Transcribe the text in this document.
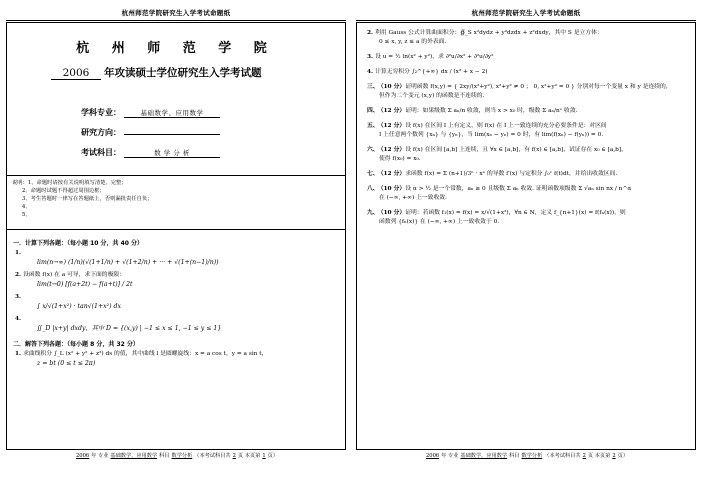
杭州师范学院研究生入学考试命题纸
杭 州 师 范 学 院
2006 年攻读硕士学位研究生入学考试题
学科专业：	基础数学、应用数学
研究方向：
考试科目：	数 学 分 析
说明：1、命题时请按有关说明填写清楚、完整；
2、命题时试题不得超过周围边框；
3、考生答题时一律写在答题纸上，否则漏批责任自负；
4、
5、
一．计算下列各题：（每小题 10 分，共 40 分）
1.
lim(n→∞) (1/n)(√(1+1/n) + √(1+2/n) + ··· + √(1+(n−1)/n))
2. 设函数 f(x) 在 a 可导，求下面的极限：
lim(t→0) [f(a+2t) − f(a+t)] / 2t
3.
∫ x/√(1+x²) · tan√(1+x²) dx
4.
∬_D |x+y| dxdy，其中 D = {(x,y) | −1 ≤ x ≤ 1, −1 ≤ y ≤ 1}
二．解答下列各题：（每小题 8 分，共 32 分）
1. 求曲线积分 ∫_L (x² + y² + z²) ds 的值，其中曲线 l 是圆螺旋线：x = a cos t，y = a sin t，
z = bt (0 ≤ t ≤ 2π)
2006 年 专业 基础数学、应用数学 科目 数学分析 （本考试科目共 2 页 本页第 1 页）
杭州师范学院研究生入学考试命题纸
2. 利用 Gauss 公式计算曲面积分：∯_S x²dydz + y²dzdx + z²dxdy，其中 S 是立方体：
0 ≤ x, y, z ≤ a 的外表面.
3. 设 u = ½ ln(x² + y²)，求 ∂²u/∂x² + ∂²u/∂y²
4. 计算无穷积分 ∫₂^{+∞} dx / (x² + x − 2)
三、 （10 分）证明函数 f(x,y) = { 2xy/(x²+y²), x²+y² ≠ 0 ； 0, x²+y² = 0 } 分别对每一个变量 x 和 y 是连续的，
但作为二个变元 (x,y) 的函数是不连续的.
四、 （12 分）证明：如果级数 Σ aₙ/n 收敛，则当 x > x₀ 时，级数 Σ aₙ/nˣ 收敛.
五、 （12 分）设 f(x) 在区间 I 上有定义，则 f(x) 在 I 上一致连续的充分必要条件是：对区间
I 上任意两个数列 {xₙ} 与 {yₙ}，当 lim(xₙ − yₙ) = 0 时，有 lim(f(xₙ) − f(yₙ)) = 0.
六、 （12 分）设 f(x) 在区间 [a,b] 上连续，且 ∀x ∈ [a,b]，有 f(x) ∈ [a,b]，试证存在 x₀ ∈ [a,b]，
使得 f(x₀) = x₀.
七、 （12 分）求函数 f(x) = Σ (n+1)/3ⁿ · xⁿ 的导数 f′(x) 与定积分 ∫₀ˣ f(t)dt，并给出收敛区间.
八、 （10 分）设 α > ½ 是一个常数，aₙ ≥ 0 且级数 Σ aₙ 收敛. 证明函数项级数 Σ √aₙ sin nx / n^α
在 (−∞, +∞) 上一致收敛.
九、 （10 分）证明：若函数 f₁(x) = f(x) = x/√(1+x²)，∀n ∈ N，定义 f_{n+1}(x) = f(fₙ(x))，则
函数列 {fₙ(x)} 在 (−∞, +∞) 上一致收敛于 0.
2006 年 专业 基础数学、应用数学 科目 数学分析 （本考试科目共 2 页 本页第 2 页）
